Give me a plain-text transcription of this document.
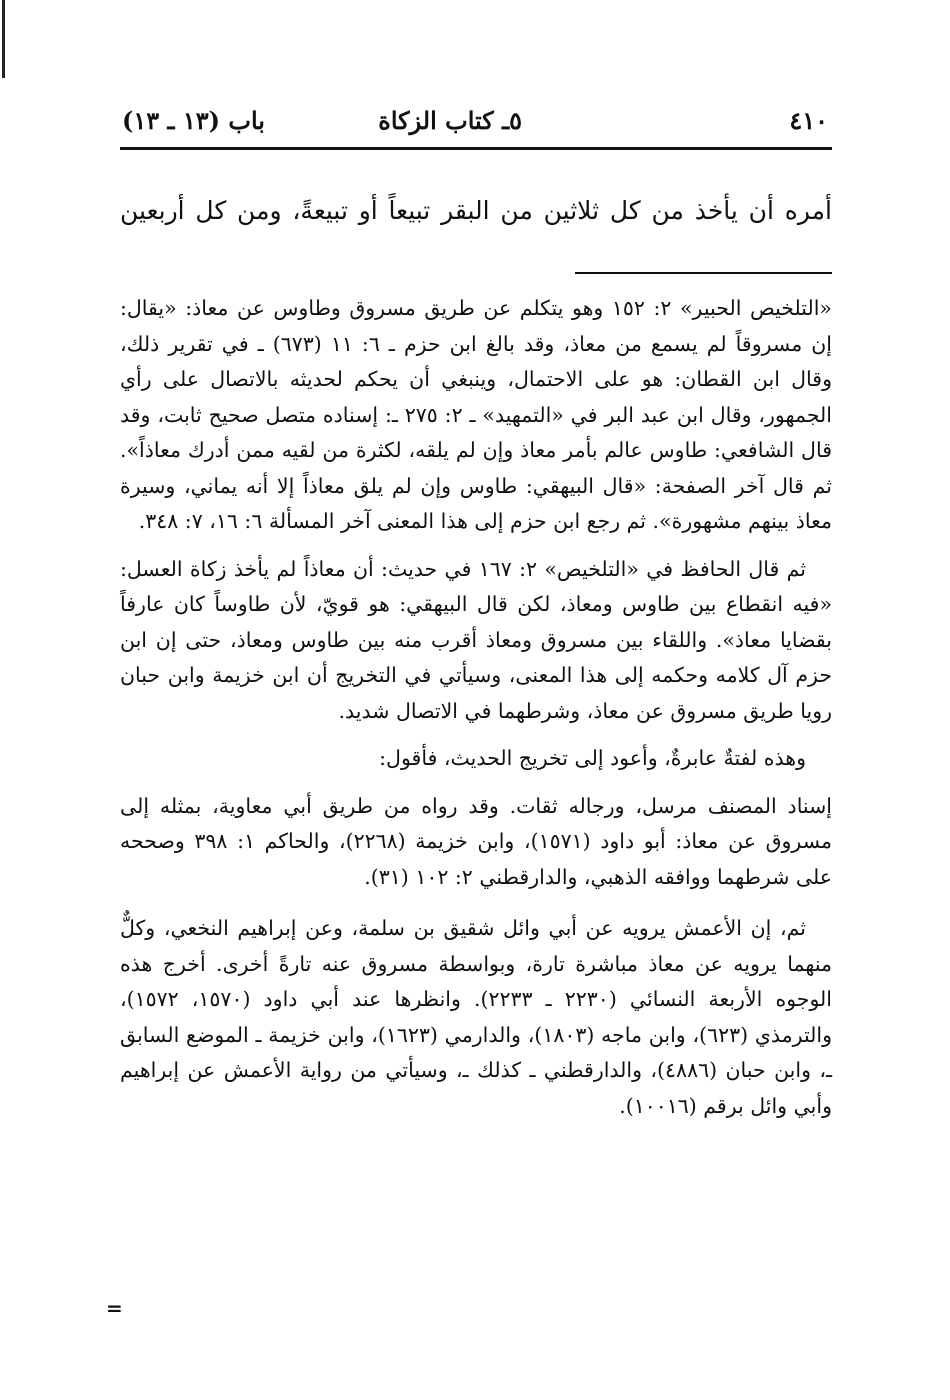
٤١٠
٥ـ كتاب الزكاة
باب (١٣ ـ ١٣)

أمره أن يأخذ من كل ثلاثين من البقر تبيعاً أو تبيعةً، ومن كل أربعين

«التلخيص الحبير» ٢: ١٥٢ وهو يتكلم عن طريق مسروق وطاوس عن معاذ: «يقال: إن مسروقاً لم يسمع من معاذ، وقد بالغ ابن حزم ـ ٦: ١١ (٦٧٣) ـ في تقرير ذلك، وقال ابن القطان: هو على الاحتمال، وينبغي أن يحكم لحديثه بالاتصال على رأي الجمهور، وقال ابن عبد البر في «التمهيد» ـ ٢: ٢٧٥ ـ: إسناده متصل صحيح ثابت، وقد قال الشافعي: طاوس عالم بأمر معاذ وإن لم يلقه، لكثرة من لقيه ممن أدرك معاذاً». ثم قال آخر الصفحة: «قال البيهقي: طاوس وإن لم يلق معاذاً إلا أنه يماني، وسيرة معاذ بينهم مشهورة». ثم رجع ابن حزم إلى هذا المعنى آخر المسألة ٦: ١٦، ٧: ٣٤٨.

ثم قال الحافظ في «التلخيص» ٢: ١٦٧ في حديث: أن معاذاً لم يأخذ زكاة العسل: «فيه انقطاع بين طاوس ومعاذ، لكن قال البيهقي: هو قويّ، لأن طاوساً كان عارفاً بقضايا معاذ». واللقاء بين مسروق ومعاذ أقرب منه بين طاوس ومعاذ، حتى إن ابن حزم آل كلامه وحكمه إلى هذا المعنى، وسيأتي في التخريج أن ابن خزيمة وابن حبان رويا طريق مسروق عن معاذ، وشرطهما في الاتصال شديد.

وهذه لفتةٌ عابرةٌ، وأعود إلى تخريج الحديث، فأقول:

إسناد المصنف مرسل، ورجاله ثقات. وقد رواه من طريق أبي معاوية، بمثله إلى مسروق عن معاذ: أبو داود (١٥٧١)، وابن خزيمة (٢٢٦٨)، والحاكم ١: ٣٩٨ وصححه على شرطهما ووافقه الذهبي، والدارقطني ٢: ١٠٢ (٣١).

ثم، إن الأعمش يرويه عن أبي وائل شقيق بن سلمة، وعن إبراهيم النخعي، وكلٌّ منهما يرويه عن معاذ مباشرة تارة، وبواسطة مسروق عنه تارةً أخرى. أخرج هذه الوجوه الأربعة النسائي (٢٢٣٠ ـ ٢٢٣٣). وانظرها عند أبي داود (١٥٧٠، ١٥٧٢)، والترمذي (٦٢٣)، وابن ماجه (١٨٠٣)، والدارمي (١٦٢٣)، وابن خزيمة ـ الموضع السابق ـ، وابن حبان (٤٨٨٦)، والدارقطني ـ كذلك ـ، وسيأتي من رواية الأعمش عن إبراهيم وأبي وائل برقم (١٠٠١٦).

=
